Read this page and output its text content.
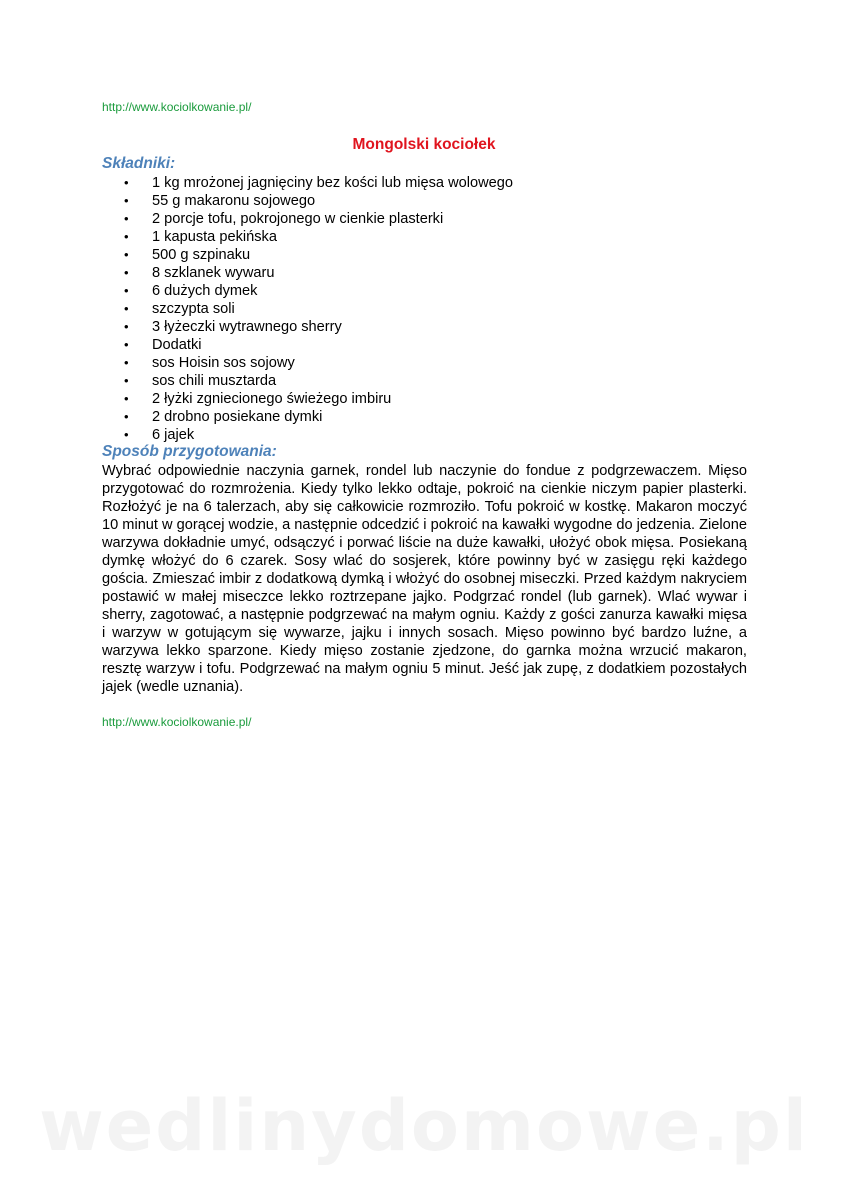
http://www.kociolkowanie.pl/
Mongolski kociołek
Składniki:
• 1 kg mrożonej jagnięciny bez kości lub mięsa wolowego
• 55 g makaronu sojowego
• 2 porcje tofu, pokrojonego w cienkie plasterki
• 1 kapusta pekińska
• 500 g szpinaku
• 8 szklanek wywaru
• 6 dużych dymek
• szczypta soli
• 3 łyżeczki wytrawnego sherry
• Dodatki
• sos Hoisin sos sojowy
• sos chili musztarda
• 2 łyżki zgniecionego świeżego imbiru
• 2 drobno posiekane dymki
• 6 jajek
Sposób przygotowania:

Wybrać odpowiednie naczynia garnek, rondel lub naczynie do fondue z podgrzewaczem. Mięso przygotować do rozmrożenia. Kiedy tylko lekko odtaje, pokroić na cienkie niczym papier plasterki. Rozłożyć je na 6 talerzach, aby się całkowicie rozmroziło. Tofu pokroić w kostkę. Makaron moczyć 10 minut w gorącej wodzie, a następnie odcedzić i pokroić na kawałki wygodne do jedzenia. Zielone warzywa dokładnie umyć, odsączyć i porwać liście na duże kawałki, ułożyć obok mięsa. Posiekaną dymkę włożyć do 6 czarek. Sosy wlać do sosjerek, które powinny być w zasięgu ręki każdego gościa. Zmieszać imbir z dodatkową dymką i włożyć do osobnej miseczki. Przed każdym nakryciem postawić w małej miseczce lekko roztrzepane jajko. Podgrzać rondel (lub garnek). Wlać wywar i sherry, zagotować, a następnie podgrzewać na małym ogniu. Każdy z gości zanurza kawałki mięsa i warzyw w gotującym się wywarze, jajku i innych sosach. Mięso powinno być bardzo luźne, a warzywa lekko sparzone. Kiedy mięso zostanie zjedzone, do garnka można wrzucić makaron, resztę warzyw i tofu. Podgrzewać na małym ogniu 5 minut. Jeść jak zupę, z dodatkiem pozostałych jajek (wedle uznania).

http://www.kociolkowanie.pl/
wedlinydomowe.pl
